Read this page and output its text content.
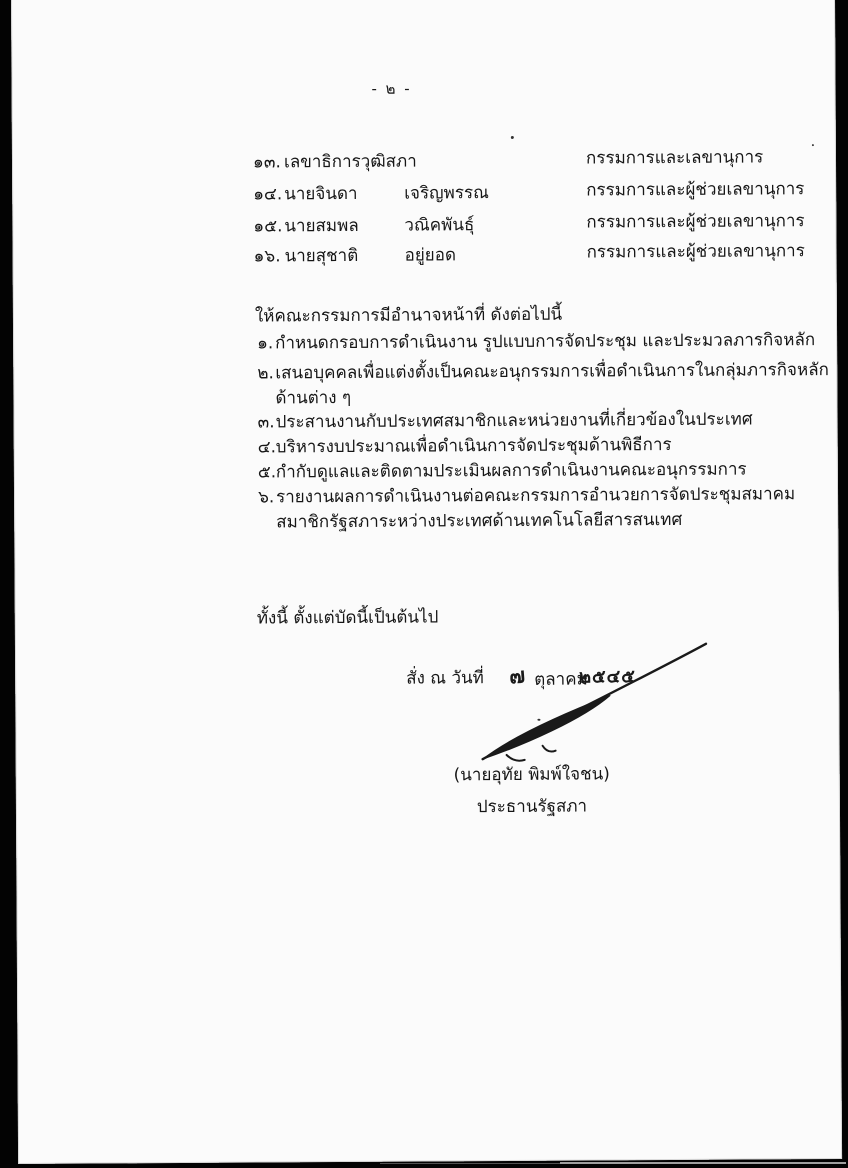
- ๒ -
๑๓. เลขาธิการวุฒิสภา	กรรมการและเลขานุการ
๑๔. นายจินดา	เจริญพรรณ	กรรมการและผู้ช่วยเลขานุการ
๑๕. นายสมพล	วณิคพันธุ์	กรรมการและผู้ช่วยเลขานุการ
๑๖. นายสุชาติ	อยู่ยอด	กรรมการและผู้ช่วยเลขานุการ
ให้คณะกรรมการมีอำนาจหน้าที่ ดังต่อไปนี้
๑. กำหนดกรอบการดำเนินงาน รูปแบบการจัดประชุม และประมวลภารกิจหลัก
๒. เสนอบุคคลเพื่อแต่งตั้งเป็นคณะอนุกรรมการเพื่อดำเนินการในกลุ่มภารกิจหลัก
ด้านต่าง ๆ
๓. ประสานงานกับประเทศสมาชิกและหน่วยงานที่เกี่ยวข้องในประเทศ
๔. บริหารงบประมาณเพื่อดำเนินการจัดประชุมด้านพิธีการ
๕. กำกับดูแลและติดตามประเมินผลการดำเนินงานคณะอนุกรรมการ
๖. รายงานผลการดำเนินงานต่อคณะกรรมการอำนวยการจัดประชุมสมาคม
สมาชิกรัฐสภาระหว่างประเทศด้านเทคโนโลยีสารสนเทศ
ทั้งนี้ ตั้งแต่บัดนี้เป็นต้นไป
สั่ง ณ วันที่ ๗ ตุลาคม
๒๕๔๕
(นายอุทัย พิมพ์ใจชน)
ประธานรัฐสภา
